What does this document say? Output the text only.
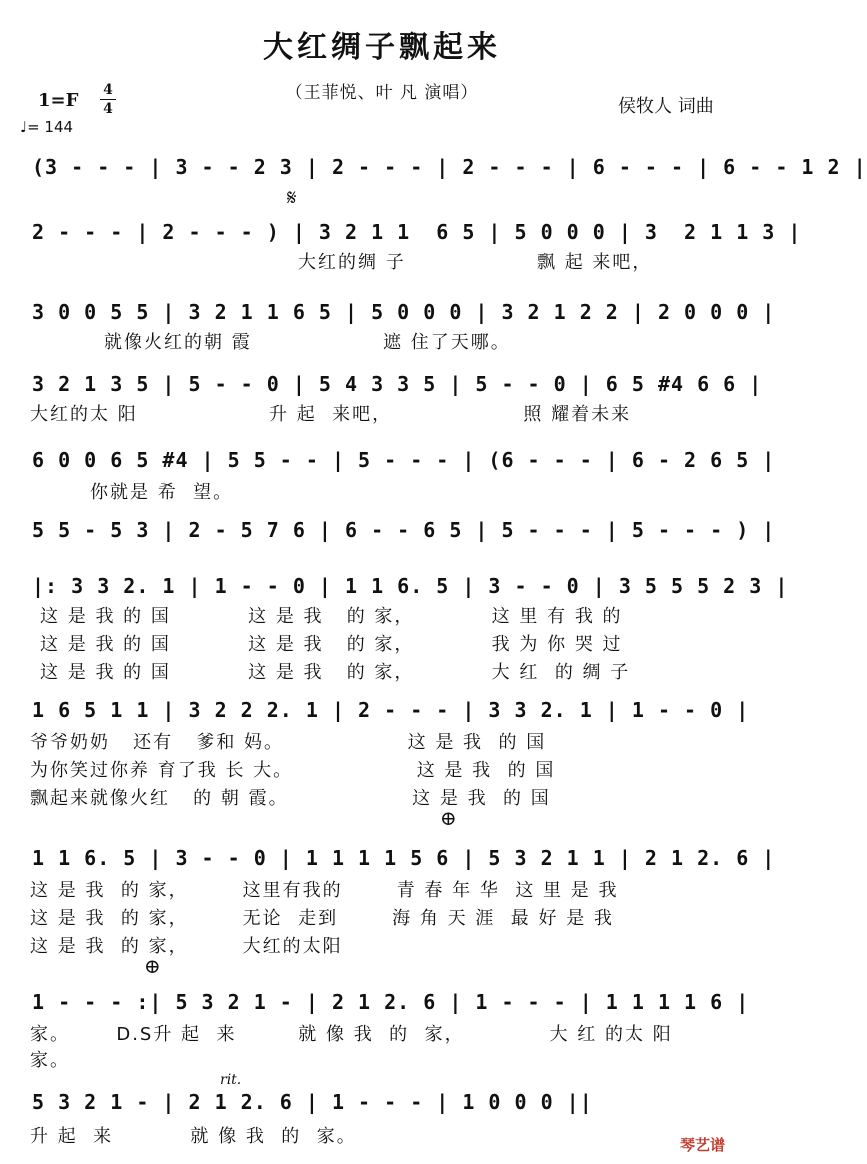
大红绸子飘起来
（王菲悦、叶 凡 演唱）
1=F 4
4
♩= 144
侯牧人 词曲
(3 - - - | 3 - - 2 3 | 2 - - - | 2 - - - | 6 - - - | 6 - - 1 2 |
𝄋
2 - - - | 2 - - - ) | 3 2 1 1  6 5 | 5 0 0 0 | 3  2 1 1 3 |
大红的绸 子                 飘 起 来吧，
3 0 0 5 5 | 3 2 1 1 6 5 | 5 0 0 0 | 3 2 1 2 2 | 2 0 0 0 |
就像火红的朝 霞                 遮 住了天哪。
3 2 1 3 5 | 5 - - 0 | 5 4 3 3 5 | 5 - - 0 | 6 5 #4 6 6 |
大红的太 阳                 升 起  来吧，                 照 耀着未来
6 0 0 6 5 #4 | 5 5 - - | 5 - - - | (6 - - - | 6 - 2 6 5 |
你就是 希  望。
5 5 - 5 3 | 2 - 5 7 6 | 6 - - 6 5 | 5 - - - | 5 - - - ) |
|: 3 3 2. 1 | 1 - - 0 | 1 1 6. 5 | 3 - - 0 | 3 5 5 5 2 3 |
这 是 我 的 国          这 是 我   的 家，          这 里 有 我 的
这 是 我 的 国          这 是 我   的 家，          我 为 你 哭 过
这 是 我 的 国          这 是 我   的 家，          大 红  的 绸 子
1 6 5 1 1 | 3 2 2 2. 1 | 2 - - - | 3 3 2. 1 | 1 - - 0 |
爷爷奶奶   还有   爹和 妈。                这 是 我  的 国
为你笑过你养 育了我 长 大。                这 是 我  的 国
飘起来就像火红   的 朝 霞。                这 是 我  的 国
⊕
1 1 6. 5 | 3 - - 0 | 1 1 1 1 5 6 | 5 3 2 1 1 | 2 1 2. 6 |
这 是 我  的 家，       这里有我的       青 春 年 华  这 里 是 我
这 是 我  的 家，       无论  走到       海 角 天 涯  最 好 是 我
这 是 我  的 家，       大红的太阳
⊕
1 - - - :| 5 3 2 1 - | 2 1 2. 6 | 1 - - - | 1 1 1 1 6 |
家。      D.S升 起  来        就 像 我  的  家，           大 红 的太 阳
家。
rit.
5 3 2 1 - | 2 1 2. 6 | 1 - - - | 1 0 0 0 ||
升 起  来          就 像 我  的  家。	琴艺谱
